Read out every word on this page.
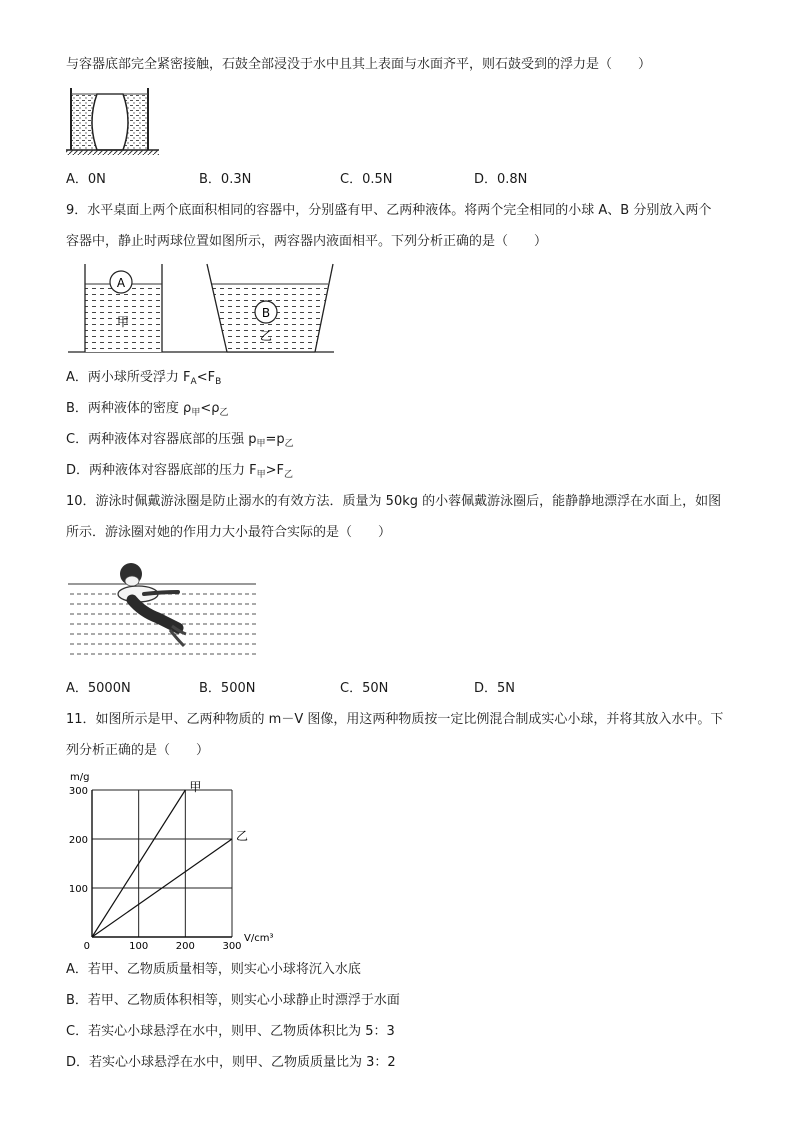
与容器底部完全紧密接触，石鼓全部浸没于水中且其上表面与水面齐平，则石鼓受到的浮力是（　　）
A．0N	B．0.3N	C．0.5N	D．0.8N
9．水平桌面上两个底面积相同的容器中，分别盛有甲、乙两种液体。将两个完全相同的小球 A、B 分别放入两个
容器中，静止时两球位置如图所示，两容器内液面相平。下列分析正确的是（　　）
A
甲
B
乙
A．两小球所受浮力 $F_A<F_B$
B．两种液体的密度 $\rho_甲<\rho_乙$
C．两种液体对容器底部的压强 $p_甲=p_乙$
D．两种液体对容器底部的压力 $F_甲>F_乙$
10．游泳时佩戴游泳圈是防止溺水的有效方法．质量为 50kg 的小蓉佩戴游泳圈后，能静静地漂浮在水面上，如图
所示．游泳圈对她的作用力大小最符合实际的是（　　）
A．5000N	B．500N	C．50N	D．5N
11．如图所示是甲、乙两种物质的 m－V 图像，用这两种物质按一定比例混合制成实心小球，并将其放入水中。下
列分析正确的是（　　）
甲
乙
100	200	300
100
200
300
0
m/g
V/cm³
A．若甲、乙物质质量相等，则实心小球将沉入水底
B．若甲、乙物质体积相等，则实心小球静止时漂浮于水面
C．若实心小球悬浮在水中，则甲、乙物质体积比为 5：3
D．若实心小球悬浮在水中，则甲、乙物质质量比为 3：2
